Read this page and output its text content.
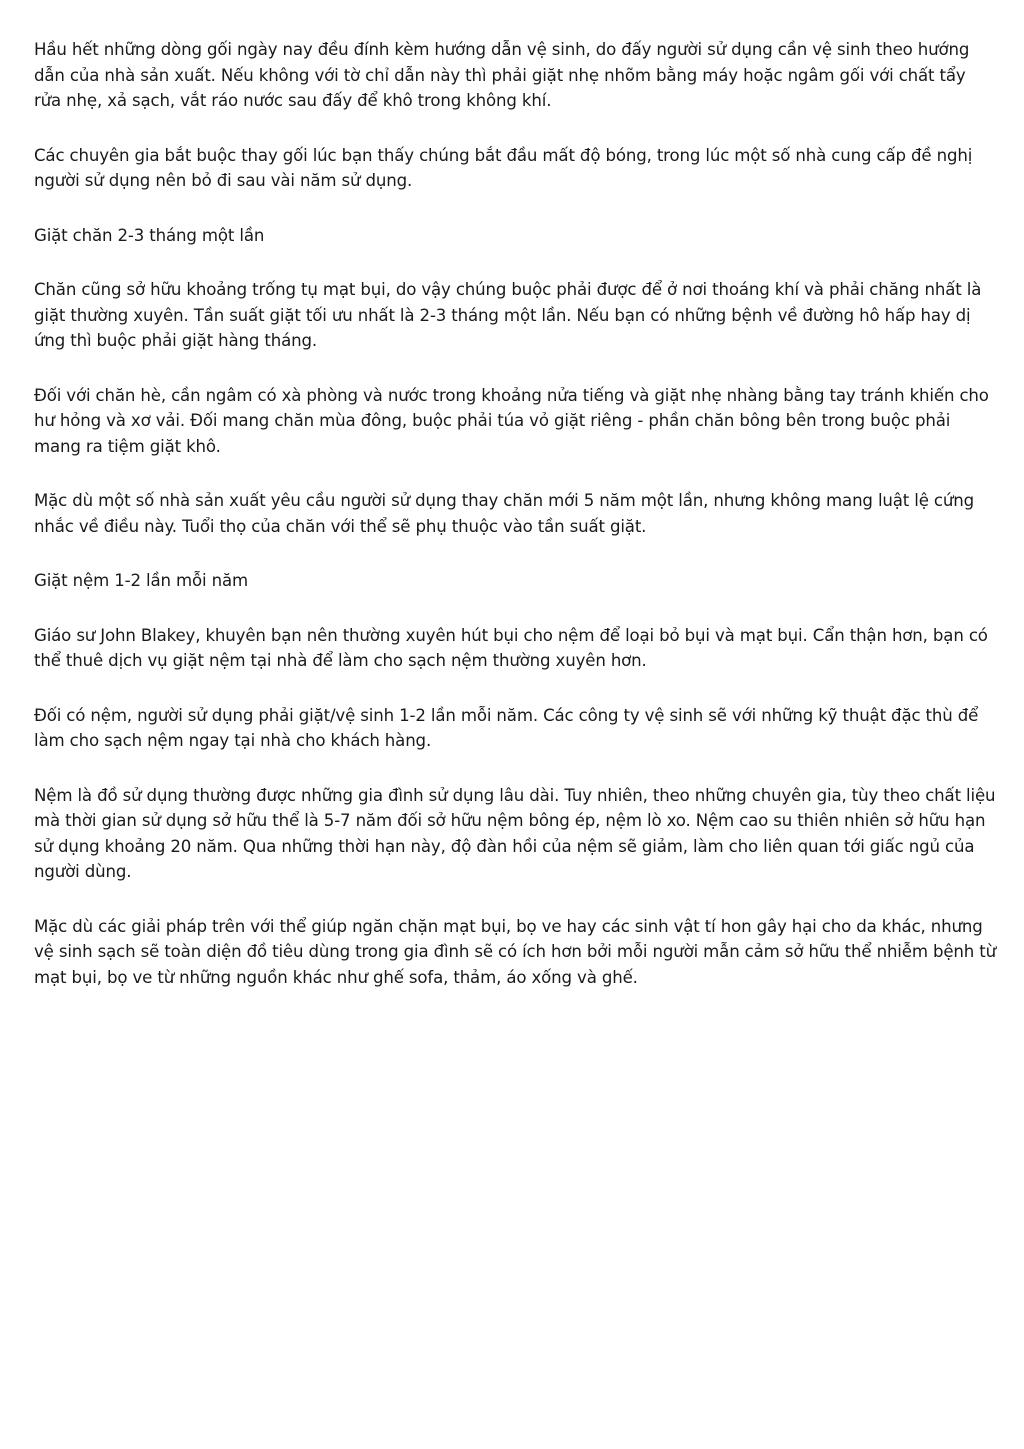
Hầu hết những dòng gối ngày nay đều đính kèm hướng dẫn vệ sinh, do đấy người sử dụng cần vệ sinh theo hướng dẫn của nhà sản xuất. Nếu không với tờ chỉ dẫn này thì phải giặt nhẹ nhõm bằng máy hoặc ngâm gối với chất tẩy rửa nhẹ, xả sạch, vắt ráo nước sau đấy để khô trong không khí.

Các chuyên gia bắt buộc thay gối lúc bạn thấy chúng bắt đầu mất độ bóng, trong lúc một số nhà cung cấp đề nghị người sử dụng nên bỏ đi sau vài năm sử dụng.

Giặt chăn 2-3 tháng một lần

Chăn cũng sở hữu khoảng trống tụ mạt bụi, do vậy chúng buộc phải được để ở nơi thoáng khí và phải chăng nhất là giặt thường xuyên. Tần suất giặt tối ưu nhất là 2-3 tháng một lần. Nếu bạn có những bệnh về đường hô hấp hay dị ứng thì buộc phải giặt hàng tháng.

Đối với chăn hè, cần ngâm có xà phòng và nước trong khoảng nửa tiếng và giặt nhẹ nhàng bằng tay tránh khiến cho hư hỏng và xơ vải. Đối mang chăn mùa đông, buộc phải túa vỏ giặt riêng - phần chăn bông bên trong buộc phải mang ra tiệm giặt khô.

Mặc dù một số nhà sản xuất yêu cầu người sử dụng thay chăn mới 5 năm một lần, nhưng không mang luật lệ cứng nhắc về điều này. Tuổi thọ của chăn với thể sẽ phụ thuộc vào tần suất giặt.

Giặt nệm 1-2 lần mỗi năm

Giáo sư John Blakey, khuyên bạn nên thường xuyên hút bụi cho nệm để loại bỏ bụi và mạt bụi. Cẩn thận hơn, bạn có thể thuê dịch vụ giặt nệm tại nhà để làm cho sạch nệm thường xuyên hơn.

Đối có nệm, người sử dụng phải giặt/vệ sinh 1-2 lần mỗi năm. Các công ty vệ sinh sẽ với những kỹ thuật đặc thù để làm cho sạch nệm ngay tại nhà cho khách hàng.

Nệm là đồ sử dụng thường được những gia đình sử dụng lâu dài. Tuy nhiên, theo những chuyên gia, tùy theo chất liệu mà thời gian sử dụng sở hữu thể là 5-7 năm đối sở hữu nệm bông ép, nệm lò xo. Nệm cao su thiên nhiên sở hữu hạn sử dụng khoảng 20 năm. Qua những thời hạn này, độ đàn hồi của nệm sẽ giảm, làm cho liên quan tới giấc ngủ của người dùng.

Mặc dù các giải pháp trên với thể giúp ngăn chặn mạt bụi, bọ ve hay các sinh vật tí hon gây hại cho da khác, nhưng vệ sinh sạch sẽ toàn diện đồ tiêu dùng trong gia đình sẽ có ích hơn bởi mỗi người mẫn cảm sở hữu thể nhiễm bệnh từ mạt bụi, bọ ve từ những nguồn khác như ghế sofa, thảm, áo xống và ghế.
